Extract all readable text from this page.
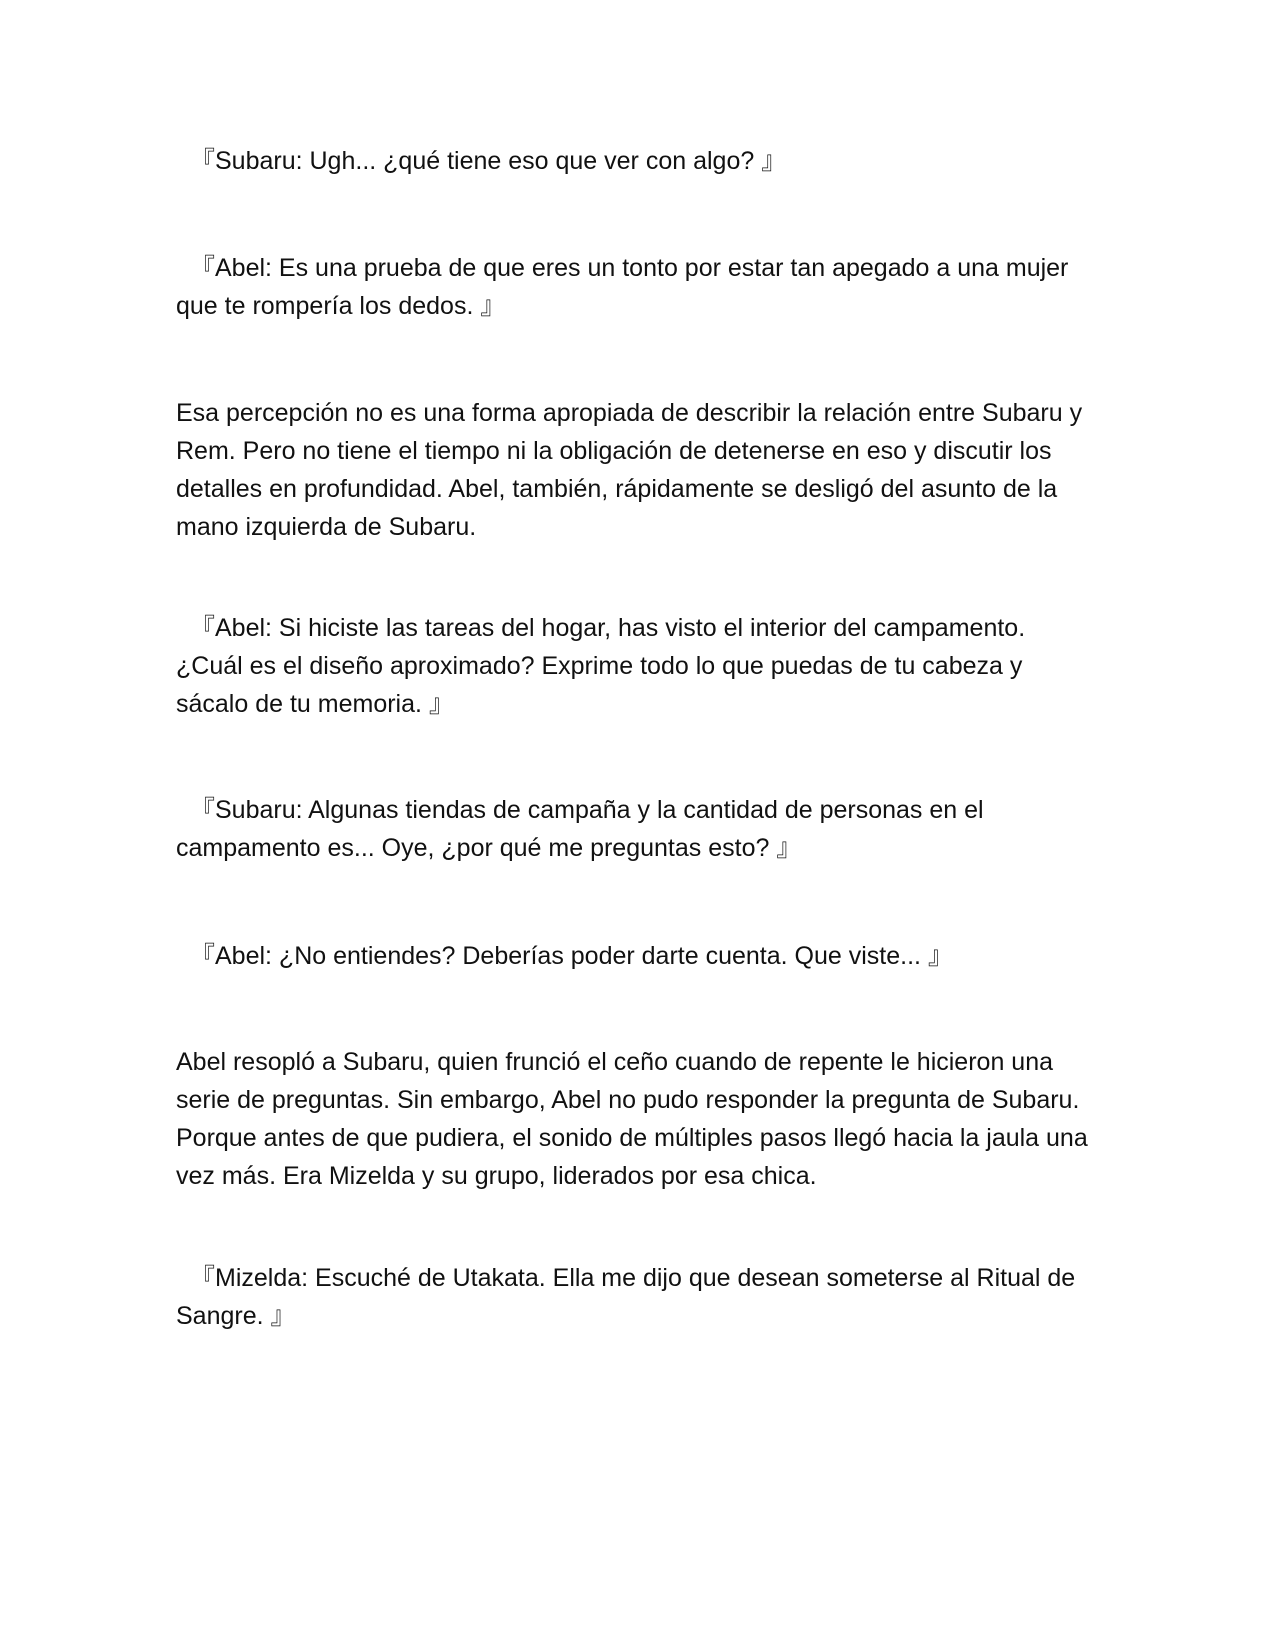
『Subaru: Ugh... ¿qué tiene eso que ver con algo? 』

『Abel: Es una prueba de que eres un tonto por estar tan apegado a una mujer que te rompería los dedos. 』

Esa percepción no es una forma apropiada de describir la relación entre Subaru y Rem. Pero no tiene el tiempo ni la obligación de detenerse en eso y discutir los detalles en profundidad. Abel, también, rápidamente se desligó del asunto de la mano izquierda de Subaru.

『Abel: Si hiciste las tareas del hogar, has visto el interior del campamento. ¿Cuál es el diseño aproximado? Exprime todo lo que puedas de tu cabeza y sácalo de tu memoria. 』

『Subaru: Algunas tiendas de campaña y la cantidad de personas en el campamento es... Oye, ¿por qué me preguntas esto? 』

『Abel: ¿No entiendes? Deberías poder darte cuenta. Que viste... 』

Abel resopló a Subaru, quien frunció el ceño cuando de repente le hicieron una serie de preguntas. Sin embargo, Abel no pudo responder la pregunta de Subaru. Porque antes de que pudiera, el sonido de múltiples pasos llegó hacia la jaula una vez más. Era Mizelda y su grupo, liderados por esa chica.

『Mizelda: Escuché de Utakata. Ella me dijo que desean someterse al Ritual de Sangre. 』
